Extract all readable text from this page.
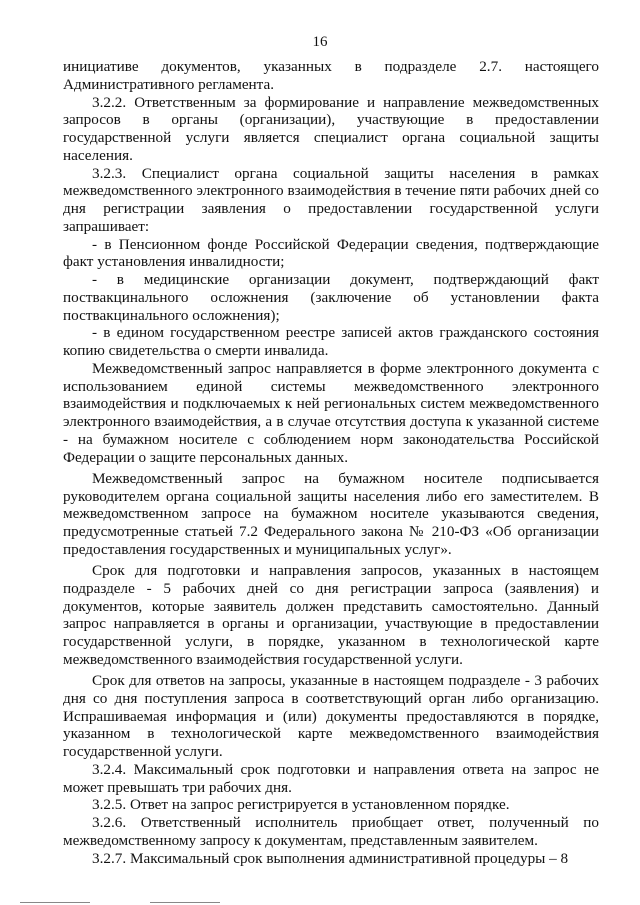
16

инициативе документов, указанных в подразделе 2.7. настоящего Административного регламента.

3.2.2. Ответственным за формирование и направление межведомственных запросов в органы (организации), участвующие в предоставлении государственной услуги является специалист органа социальной защиты населения.

3.2.3. Специалист органа социальной защиты населения в рамках межведомственного электронного взаимодействия в течение пяти рабочих дней со дня регистрации заявления о предоставлении государственной услуги запрашивает:

- в Пенсионном фонде Российской Федерации сведения, подтверждающие факт установления инвалидности;

- в медицинские организации документ, подтверждающий факт поствакцинального осложнения (заключение об установлении факта поствакцинального осложнения);

- в едином государственном реестре записей актов гражданского состояния копию свидетельства о смерти инвалида.

Межведомственный запрос направляется в форме электронного документа с использованием единой системы межведомственного электронного взаимодействия и подключаемых к ней региональных систем межведомственного электронного взаимодействия, а в случае отсутствия доступа к указанной системе - на бумажном носителе с соблюдением норм законодательства Российской Федерации о защите персональных данных.

Межведомственный запрос на бумажном носителе подписывается руководителем органа социальной защиты населения либо его заместителем. В межведомственном запросе на бумажном носителе указываются сведения, предусмотренные статьей 7.2 Федерального закона № 210-ФЗ «Об организации предоставления государственных и муниципальных услуг».

Срок для подготовки и направления запросов, указанных в настоящем подразделе - 5 рабочих дней со дня регистрации запроса (заявления) и документов, которые заявитель должен представить самостоятельно. Данный запрос направляется в органы и организации, участвующие в предоставлении государственной услуги, в порядке, указанном в технологической карте межведомственного взаимодействия государственной услуги.

Срок для ответов на запросы, указанные в настоящем подразделе - 3 рабочих дня со дня поступления запроса в соответствующий орган либо организацию. Испрашиваемая информация и (или) документы предоставляются в порядке, указанном в технологической карте межведомственного взаимодействия государственной услуги.

3.2.4. Максимальный срок подготовки и направления ответа на запрос не может превышать три рабочих дня.

3.2.5. Ответ на запрос регистрируется в установленном порядке.

3.2.6. Ответственный исполнитель приобщает ответ, полученный по межведомственному запросу к документам, представленным заявителем.

3.2.7. Максимальный срок выполнения административной процедуры – 8
